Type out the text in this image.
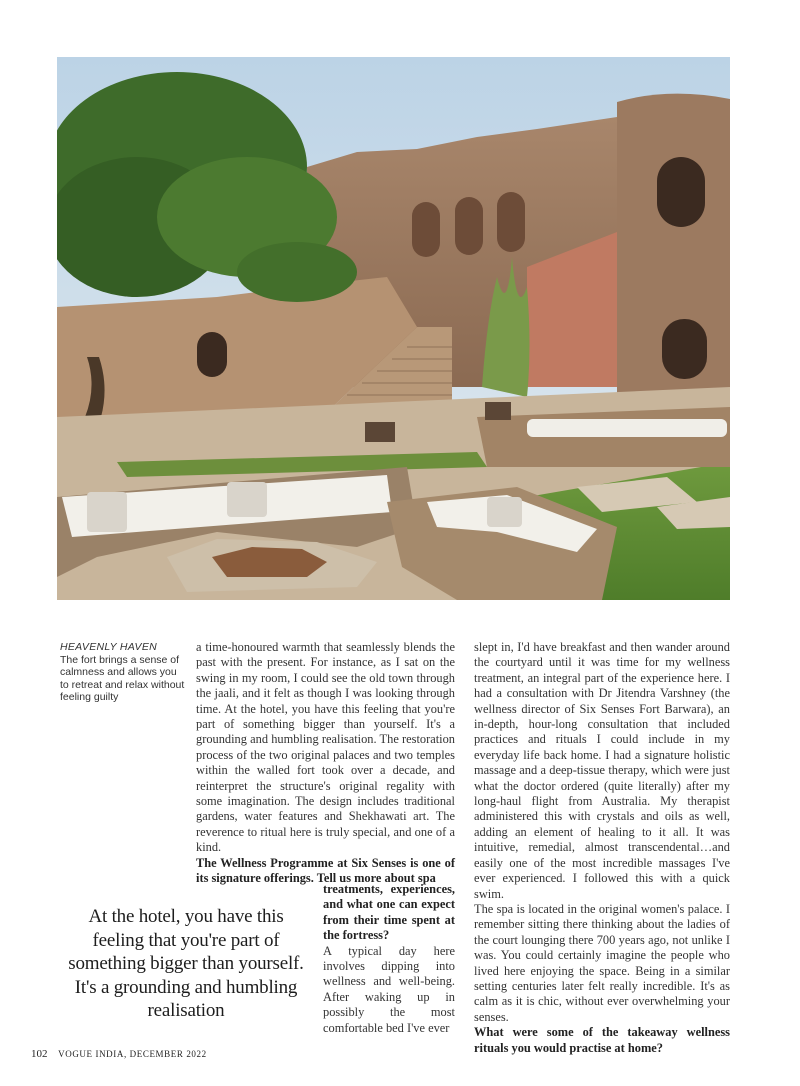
HEAVENLY HAVEN
The fort brings a sense of calmness and allows you to retreat and relax without feeling guilty

a time-honoured warmth that seamlessly blends the past with the present. For instance, as I sat on the swing in my room, I could see the old town through the jaali, and it felt as though I was looking through time. At the hotel, you have this feeling that you're part of something bigger than yourself. It's a grounding and humbling realisation. The restoration process of the two original palaces and two temples within the walled fort took over a decade, and reinterpret the structure's original regality with some imagination. The design includes traditional gardens, water features and Shekhawati art. The reverence to ritual here is truly special, and one of a kind.

The Wellness Programme at Six Senses is one of its signature offerings. Tell us more about spa

treatments, experiences, and what one can expect from their time spent at the fortress?

A typical day here involves dipping into wellness and well-being. After waking up in possibly the most comfortable bed I've ever

At the hotel, you have this feeling that you're part of something bigger than yourself. It's a grounding and humbling realisation

slept in, I'd have breakfast and then wander around the courtyard until it was time for my wellness treatment, an integral part of the experience here. I had a consultation with Dr Jitendra Varshney (the wellness director of Six Senses Fort Barwara), an in-depth, hour-long consultation that included practices and rituals I could include in my everyday life back home. I had a signature holistic massage and a deep-tissue therapy, which were just what the doctor ordered (quite literally) after my long-haul flight from Australia. My therapist administered this with crystals and oils as well, adding an element of healing to it all. It was intuitive, remedial, almost transcendental…and easily one of the most incredible massages I've ever experienced. I followed this with a quick swim.

The spa is located in the original women's palace. I remember sitting there thinking about the ladies of the court lounging there 700 years ago, not unlike I was. You could certainly imagine the people who lived here enjoying the space. Being in a similar setting centuries later felt really incredible. It's as calm as it is chic, without ever overwhelming your senses.

What were some of the takeaway wellness rituals you would practise at home?

102 VOGUE INDIA, DECEMBER 2022
